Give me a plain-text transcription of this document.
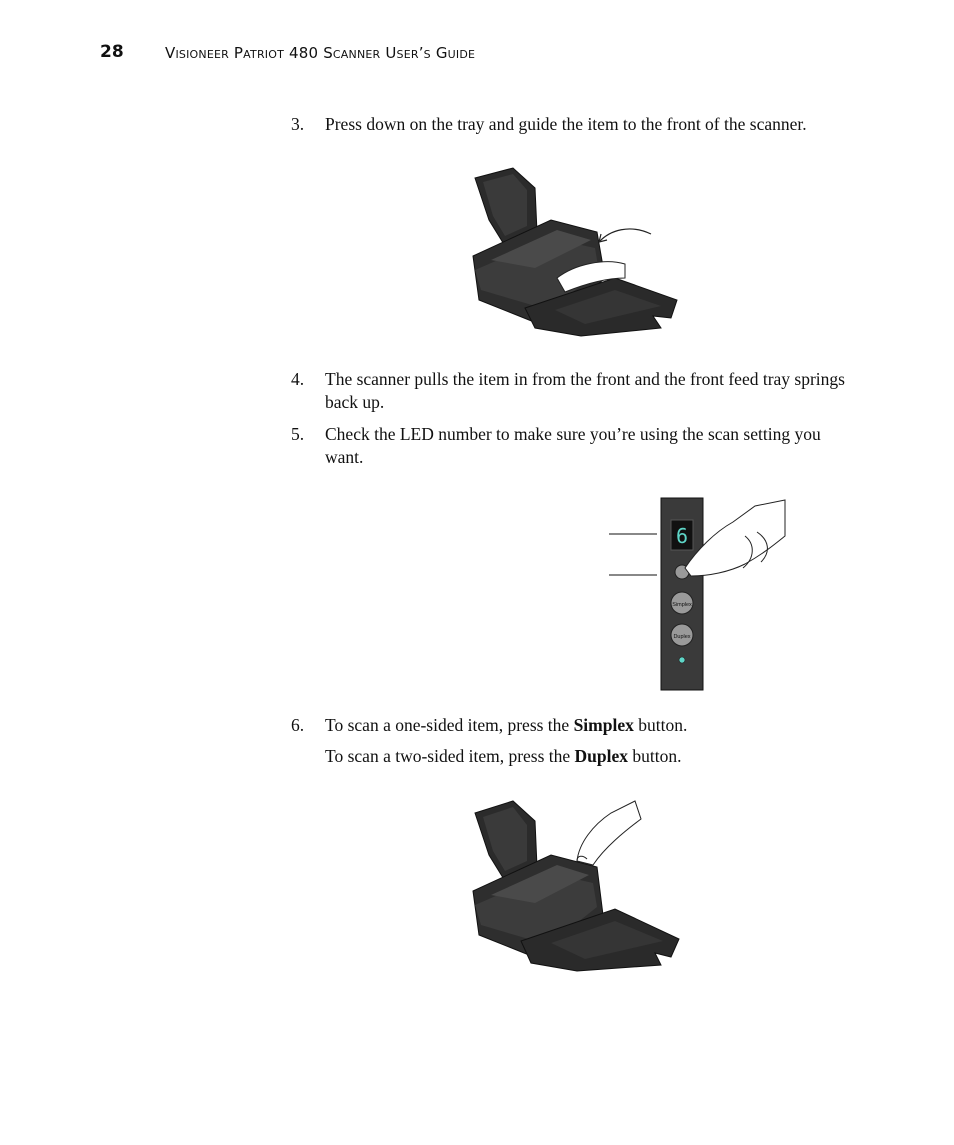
28	Visioneer Patriot 480 Scanner User’s Guide
3. Press down on the tray and guide the item to the front of the scanner.
4. The scanner pulls the item in from the front and the front feed tray springs back up.
5. Check the LED number to make sure you’re using the scan setting you want.
6
Simplex
Duplex
6. To scan a one-sided item, press the Simplex button.
To scan a two-sided item, press the Duplex button.
